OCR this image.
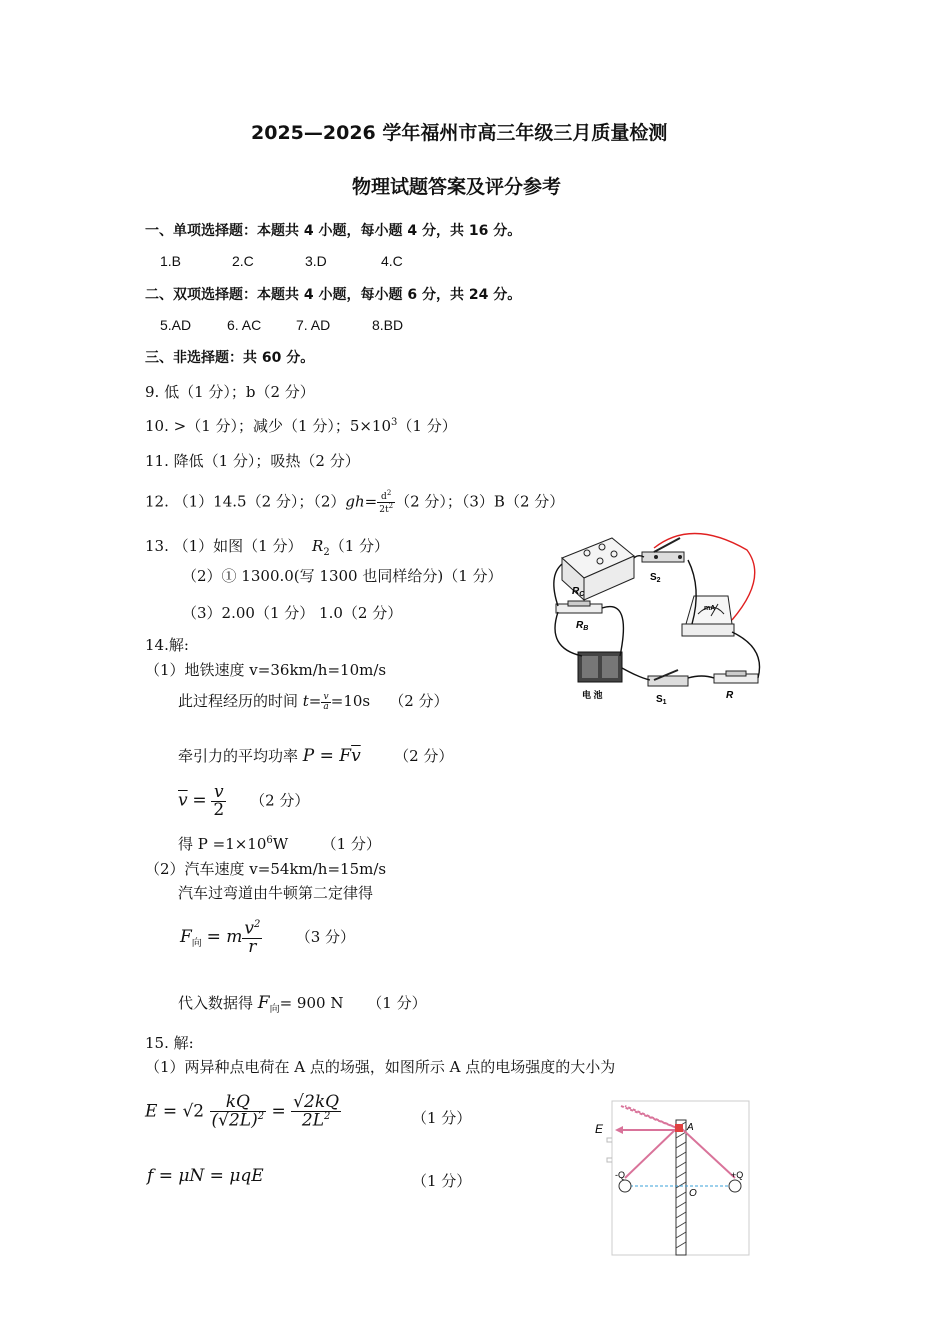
2025—2026 学年福州市高三年级三月质量检测
物理试题答案及评分参考
一、单项选择题：本题共 4 小题，每小题 4 分，共 16 分。
1.B	2.C	3.D	4.C
二、双项选择题：本题共 4 小题，每小题 6 分，共 24 分。
5.AD	6. AC 7. AD	8.BD
三、非选择题：共 60 分。
9. 低（1 分）；b（2 分）
10. >（1 分）；减少（1 分）；$5\times 10^3(1$ 分）
11. 降低（1 分）；吸热（2 分）
12. （1）14.5（2 分）；$(2)gh= \frac{d^2}{2t^2} (2$ 分）；（3）B（2 分）
13. （1）如图（1 分） $R_2(1$ 分）
（2）① 1300.0(写 1300 也同样给分)（1 分）
（3）2.00（1 分） 1.0（2 分）
$R_C$
$S_2$
$R_B$
mA
电 池	$S_1$
R
14.解:
（1）地铁速度 v=36km/h=10m/s
此过程经历的时间 $t= \frac{v}{a} =10s$ （2 分）
牵引力的平均功率 $P = F\overline{v}$ （2 分）
$\overline{v} = \frac{v}{2} (2$ 分）
得 $P =1\times 10^6W$ （1 分）
（2）汽车速度 v=54km/h=15m/s
汽车过弯道由牛顿第二定律得
$F_向 = m \frac{v^2}{r} (3$ 分）
代入数据得 $F_向= 900$ N （1 分）
15. 解:
（1）两异种点电荷在 A 点的场强，如图所示 A 点的电场强度的大小为
$E = √2 \frac{kQ}{(√2L)^2} = \frac{√2kQ}{2L^2}$	（1 分）
f = μN = μqE	（1 分）
E	A
O
-Q	+Q
